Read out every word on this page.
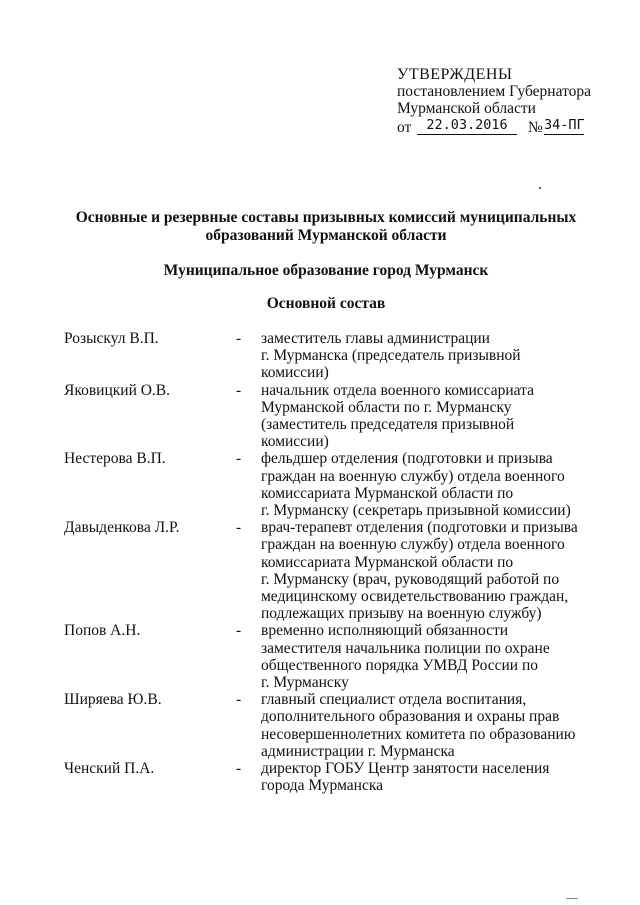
УТВЕРЖДЕНЫ
постановлением Губернатора
Мурманской области
от	22.03.2016	№ 34-ПГ
Основные и резервные составы призывных комиссий муниципальных
образований Мурманской области
Муниципальное образование город Мурманск
Основной состав
Розыскул В.П.	- заместитель главы администрации
г. Мурманска (председатель призывной
комиссии)
Яковицкий О.В.	- начальник отдела военного комиссариата
Мурманской области по г. Мурманску
(заместитель председателя призывной
комиссии)
Нестерова В.П.	- фельдшер отделения (подготовки и призыва
граждан на военную службу) отдела военного
комиссариата Мурманской области по
г. Мурманску (секретарь призывной комиссии)
Давыденкова Л.Р.	- врач-терапевт отделения (подготовки и призыва
граждан на военную службу) отдела военного
комиссариата Мурманской области по
г. Мурманску (врач, руководящий работой по
медицинскому освидетельствованию граждан,
подлежащих призыву на военную службу)
Попов А.Н.	- временно исполняющий обязанности
заместителя начальника полиции по охране
общественного порядка УМВД России по
г. Мурманску
Ширяева Ю.В.	- главный специалист отдела воспитания,
дополнительного образования и охраны прав
несовершеннолетних комитета по образованию
администрации г. Мурманска
Ченский П.А.	- директор ГОБУ Центр занятости населения
города Мурманска
